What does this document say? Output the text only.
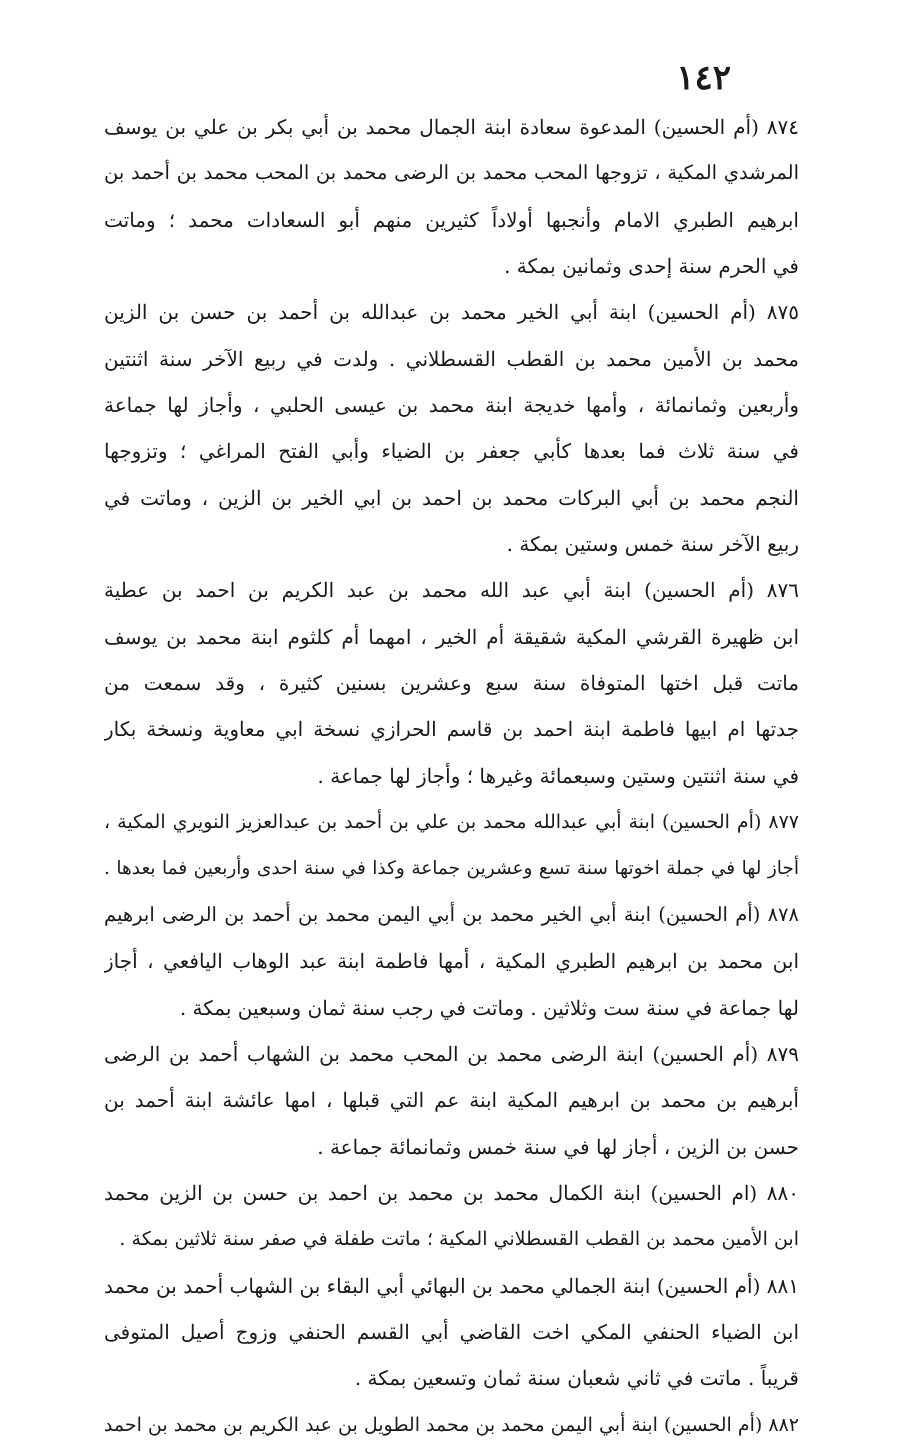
١٤٢
٨٧٤ (أم الحسين) المدعوة سعادة ابنة الجمال محمد بن أبي بكر بن علي بن يوسف
المرشدي المكية ، تزوجها المحب محمد بن الرضى محمد بن المحب محمد بن أحمد بن
ابرهيم الطبري الامام وأنجبها أولاداً كثيرين منهم أبو السعادات محمد ؛ وماتت
في الحرم سنة إحدى وثمانين بمكة .
٨٧٥ (أم الحسين) ابنة أبي الخير محمد بن عبدالله بن أحمد بن حسن بن الزين
محمد بن الأمين محمد بن القطب القسطلاني . ولدت في ربيع الآخر سنة اثنتين
وأربعين وثمانمائة ، وأمها خديجة ابنة محمد بن عيسى الحلبي ، وأجاز لها جماعة
في سنة ثلاث فما بعدها كأبي جعفر بن الضياء وأبي الفتح المراغي ؛ وتزوجها
النجم محمد بن أبي البركات محمد بن احمد بن ابي الخير بن الزين ، وماتت في
ربيع الآخر سنة خمس وستين بمكة .
٨٧٦ (أم الحسين) ابنة أبي عبد الله محمد بن عبد الكريم بن احمد بن عطية
ابن ظهيرة القرشي المكية شقيقة أم الخير ، امهما أم كلثوم ابنة محمد بن يوسف
ماتت قبل اختها المتوفاة سنة سبع وعشرين بسنين كثيرة ، وقد سمعت من
جدتها ام ابيها فاطمة ابنة احمد بن قاسم الحرازي نسخة ابي معاوية ونسخة بكار
في سنة اثنتين وستين وسبعمائة وغيرها ؛ وأجاز لها جماعة .
٨٧٧ (أم الحسين) ابنة أبي عبدالله محمد بن علي بن أحمد بن عبدالعزيز النويري المكية ،
أجاز لها في جملة اخوتها سنة تسع وعشرين جماعة وكذا في سنة احدى وأربعين فما بعدها .
٨٧٨ (أم الحسين) ابنة أبي الخير محمد بن أبي اليمن محمد بن أحمد بن الرضى ابرهيم
ابن محمد بن ابرهيم الطبري المكية ، أمها فاطمة ابنة عبد الوهاب اليافعي ، أجاز
لها جماعة في سنة ست وثلاثين . وماتت في رجب سنة ثمان وسبعين بمكة .
٨٧٩ (أم الحسين) ابنة الرضى محمد بن المحب محمد بن الشهاب أحمد بن الرضى
أبرهيم بن محمد بن ابرهيم المكية ابنة عم التي قبلها ، امها عائشة ابنة أحمد بن
حسن بن الزين ، أجاز لها في سنة خمس وثمانمائة جماعة .
٨٨٠ (ام الحسين) ابنة الكمال محمد بن محمد بن احمد بن حسن بن الزين محمد
ابن الأمين محمد بن القطب القسطلاني المكية ؛ ماتت طفلة في صفر سنة ثلاثين بمكة .
٨٨١ (أم الحسين) ابنة الجمالي محمد بن البهائي أبي البقاء بن الشهاب أحمد بن محمد
ابن الضياء الحنفي المكي اخت القاضي أبي القسم الحنفي وزوج أصيل المتوفى
قريباً . ماتت في ثاني شعبان سنة ثمان وتسعين بمكة .
٨٨٢ (أم الحسين) ابنة أبي اليمن محمد بن محمد الطويل بن عبد الكريم بن محمد بن احمد
